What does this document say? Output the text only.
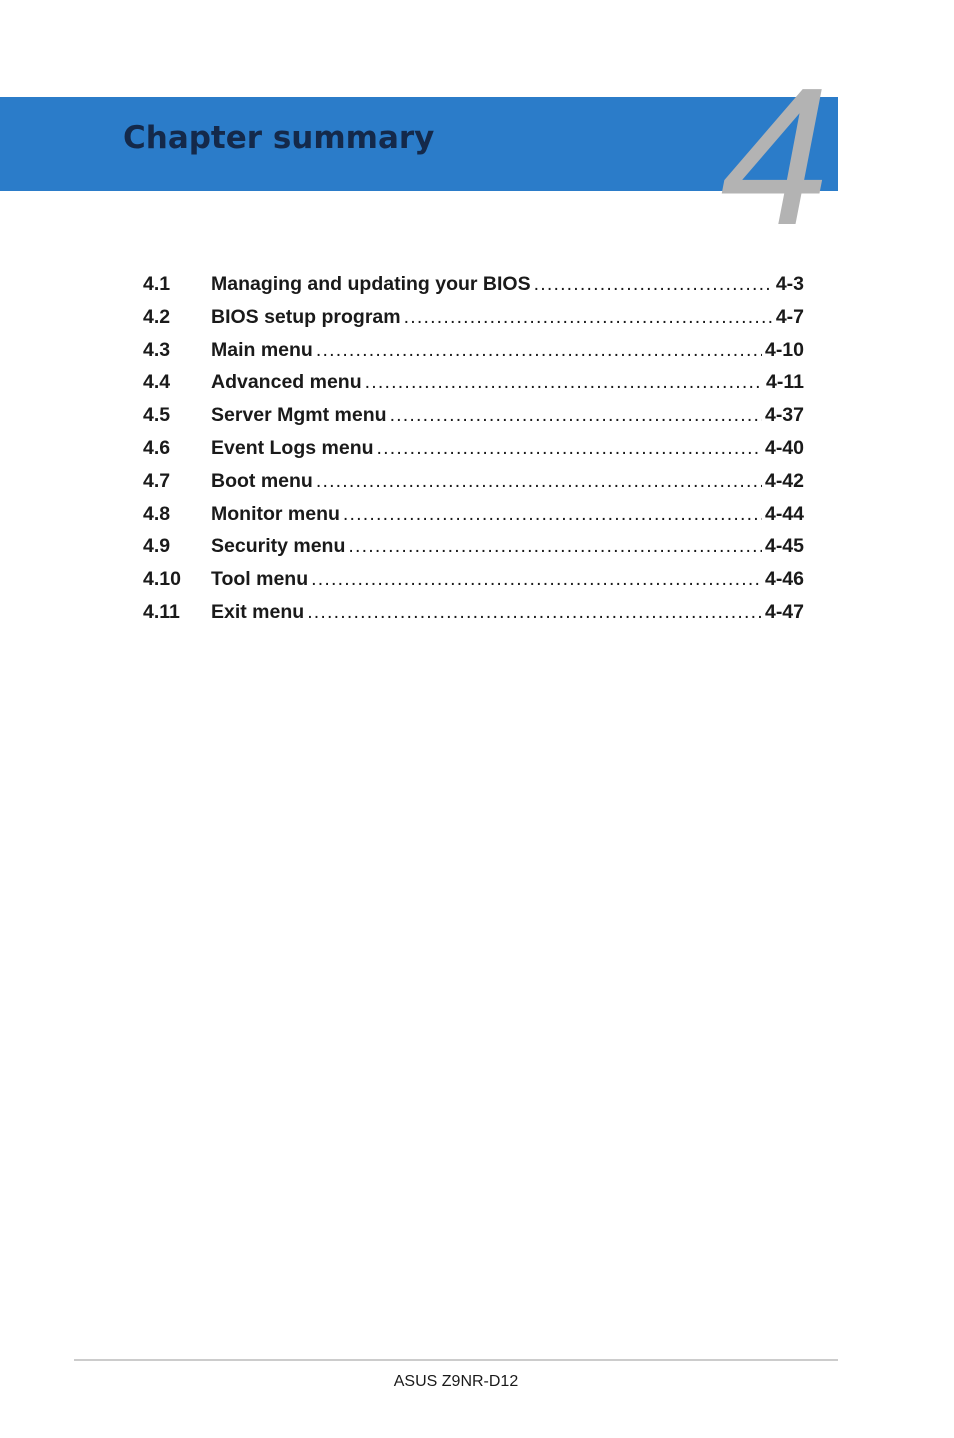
Chapter summary 4
4.1	Managing and updating your BIOS .....	4-3
4.2	BIOS setup program .....	4-7
4.3	Main menu .....	4-10
4.4	Advanced menu .....	4-11
4.5	Server Mgmt menu .....	4-37
4.6	Event Logs menu .....	4-40
4.7	Boot menu .....	4-42
4.8	Monitor menu .....	4-44
4.9	Security menu .....	4-45
4.10	Tool menu .....	4-46
4.11	Exit menu .....	4-47
ASUS Z9NR-D12
